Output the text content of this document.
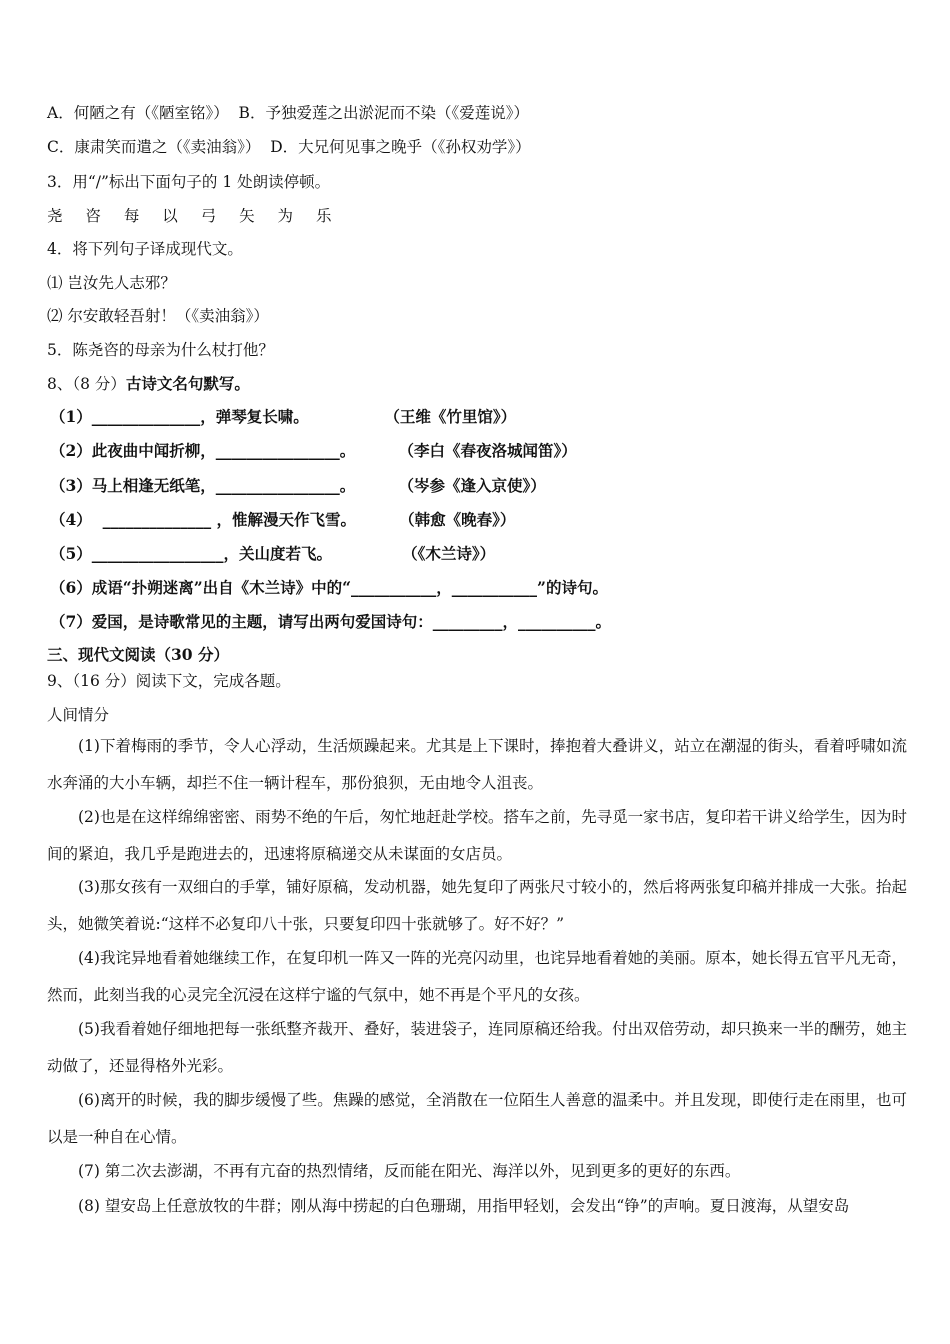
A．何陋之有（《陋室铭》）  B．予独爱莲之出淤泥而不染（《爱莲说》）
C．康肃笑而遣之（《卖油翁》）  D．大兄何见事之晚乎（《孙权劝学》）
3．用“/”标出下面句子的 1 处朗读停顿。
尧 咨 每 以 弓 矢 为 乐
4．将下列句子译成现代文。
⑴ 岂汝先人志邪？
⑵ 尔安敢轻吾射！（《卖油翁》）
5．陈尧咨的母亲为什么杖打他？
8、（8 分）古诗文名句默写。
（1）______________，弹琴复长啸。              （王维《竹里馆》）
（2）此夜曲中闻折柳，________________。        （李白《春夜洛城闻笛》）
（3）马上相逢无纸笔，________________。        （岑参《逢入京使》）
（4）  ______________ ，惟解漫天作飞雪。        （韩愈《晚春》）
（5）_________________，关山度若飞。             （《木兰诗》）
（6）成语“扑朔迷离”出自《木兰诗》中的“___________，___________”的诗句。
（7）爱国，是诗歌常见的主题，请写出两句爱国诗句：_________，__________。
三、现代文阅读（30 分）
9、（16 分）阅读下文，完成各题。
人间情分
(1)下着梅雨的季节，令人心浮动，生活烦躁起来。尤其是上下课时，捧抱着大叠讲义，站立在潮湿的街头，看着呼啸如流水奔涌的大小车辆，却拦不住一辆计程车，那份狼狈，无由地令人沮丧。
(2)也是在这样绵绵密密、雨势不绝的午后，匆忙地赶赴学校。搭车之前，先寻觅一家书店，复印若干讲义给学生，因为时间的紧迫，我几乎是跑进去的，迅速将原稿递交从未谋面的女店员。
(3)那女孩有一双细白的手掌，铺好原稿，发动机器，她先复印了两张尺寸较小的，然后将两张复印稿并排成一大张。抬起头，她微笑着说:“这样不必复印八十张，只要复印四十张就够了。好不好？”
(4)我诧异地看着她继续工作，在复印机一阵又一阵的光亮闪动里，也诧异地看着她的美丽。原本，她长得五官平凡无奇，然而，此刻当我的心灵完全沉浸在这样宁谧的气氛中，她不再是个平凡的女孩。
(5)我看着她仔细地把每一张纸整齐裁开、叠好，装进袋子，连同原稿还给我。付出双倍劳动，却只换来一半的酬劳，她主动做了，还显得格外光彩。
(6)离开的时候，我的脚步缓慢了些。焦躁的感觉，全消散在一位陌生人善意的温柔中。并且发现，即使行走在雨里，也可以是一种自在心情。
(7) 第二次去澎湖，不再有亢奋的热烈情绪，反而能在阳光、海洋以外，见到更多的更好的东西。
(8) 望安岛上任意放牧的牛群；刚从海中捞起的白色珊瑚，用指甲轻划，会发出“铮”的声响。夏日渡海，从望安岛
